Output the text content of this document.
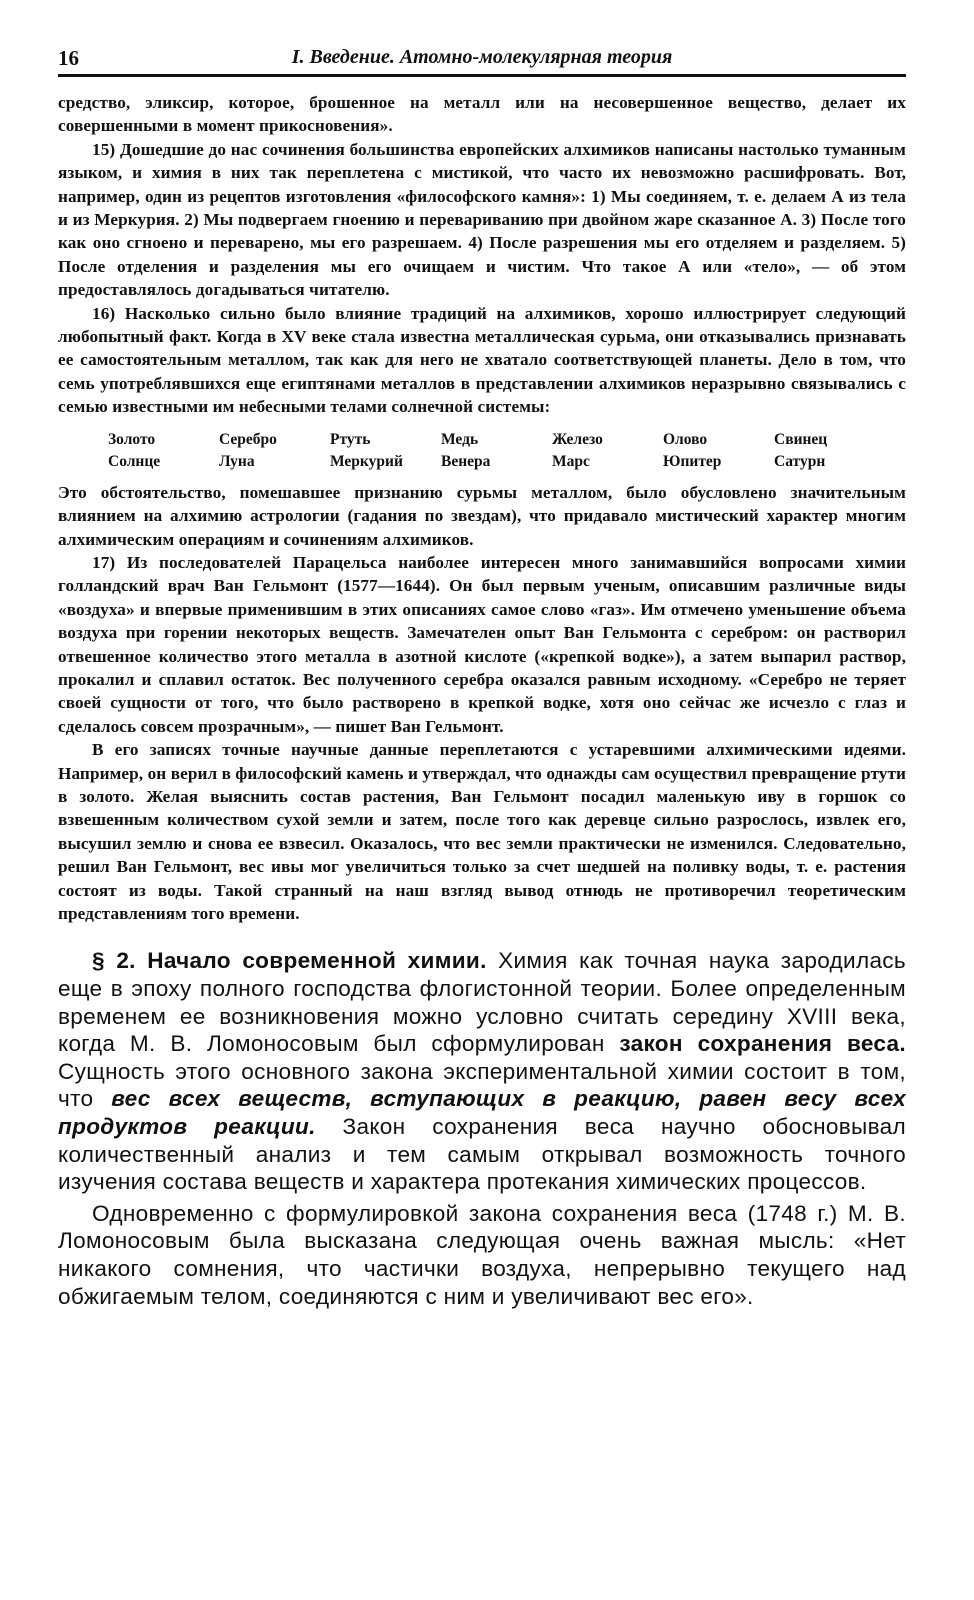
16	I. Введение. Атомно-молекулярная теория

средство, эликсир, которое, брошенное на металл или на несовершенное вещество, делает их совершенными в момент прикосновения».

15) Дошедшие до нас сочинения большинства европейских алхимиков написаны настолько туманным языком, и химия в них так переплетена с мистикой, что часто их невозможно расшифровать. Вот, например, один из рецептов изготовления «философского камня»: 1) Мы соединяем, т. е. делаем А из тела и из Меркурия. 2) Мы подвергаем гноению и перевариванию при двойном жаре сказанное А. 3) После того как оно сгноено и переварено, мы его разрешаем. 4) После разрешения мы его отделяем и разделяем. 5) После отделения и разделения мы его очищаем и чистим. Что такое А или «тело», — об этом предоставлялось догадываться читателю.

16) Насколько сильно было влияние традиций на алхимиков, хорошо иллюстрирует следующий любопытный факт. Когда в XV веке стала известна металлическая сурьма, они отказывались признавать ее самостоятельным металлом, так как для него не хватало соответствующей планеты. Дело в том, что семь употреблявшихся еще египтянами металлов в представлении алхимиков неразрывно связывались с семью известными им небесными телами солнечной системы:

Золото	Серебро	Ртуть	Медь	Железо	Олово	Свинец
Солнце	Луна	Меркурий	Венера	Марс	Юпитер	Сатурн

Это обстоятельство, помешавшее признанию сурьмы металлом, было обусловлено значительным влиянием на алхимию астрологии (гадания по звездам), что придавало мистический характер многим алхимическим операциям и сочинениям алхимиков.

17) Из последователей Парацельса наиболее интересен много занимавшийся вопросами химии голландский врач Ван Гельмонт (1577—1644). Он был первым ученым, описавшим различные виды «воздуха» и впервые применившим в этих описаниях самое слово «газ». Им отмечено уменьшение объема воздуха при горении некоторых веществ. Замечателен опыт Ван Гельмонта с серебром: он растворил отвешенное количество этого металла в азотной кислоте («крепкой водке»), а затем выпарил раствор, прокалил и сплавил остаток. Вес полученного серебра оказался равным исходному. «Серебро не теряет своей сущности от того, что было растворено в крепкой водке, хотя оно сейчас же исчезло с глаз и сделалось совсем прозрачным», — пишет Ван Гельмонт.

В его записях точные научные данные переплетаются с устаревшими алхимическими идеями. Например, он верил в философский камень и утверждал, что однажды сам осуществил превращение ртути в золото. Желая выяснить состав растения, Ван Гельмонт посадил маленькую иву в горшок со взвешенным количеством сухой земли и затем, после того как деревце сильно разрослось, извлек его, высушил землю и снова ее взвесил. Оказалось, что вес земли практически не изменился. Следовательно, решил Ван Гельмонт, вес ивы мог увеличиться только за счет шедшей на поливку воды, т. е. растения состоят из воды. Такой странный на наш взгляд вывод отнюдь не противоречил теоретическим представлениям того времени.

§ 2. Начало современной химии. Химия как точная наука зародилась еще в эпоху полного господства флогистонной теории. Более определенным временем ее возникновения можно условно считать середину XVIII века, когда М. В. Ломоносовым был сформулирован закон сохранения веса. Сущность этого основного закона экспериментальной химии состоит в том, что вес всех веществ, вступающих в реакцию, равен весу всех продуктов реакции. Закон сохранения веса научно обосновывал количественный анализ и тем самым открывал возможность точного изучения состава веществ и характера протекания химических процессов.

Одновременно с формулировкой закона сохранения веса (1748 г.) М. В. Ломоносовым была высказана следующая очень важная мысль: «Нет никакого сомнения, что частички воздуха, непрерывно текущего над обжигаемым телом, соединяются с ним и увеличивают вес его».
